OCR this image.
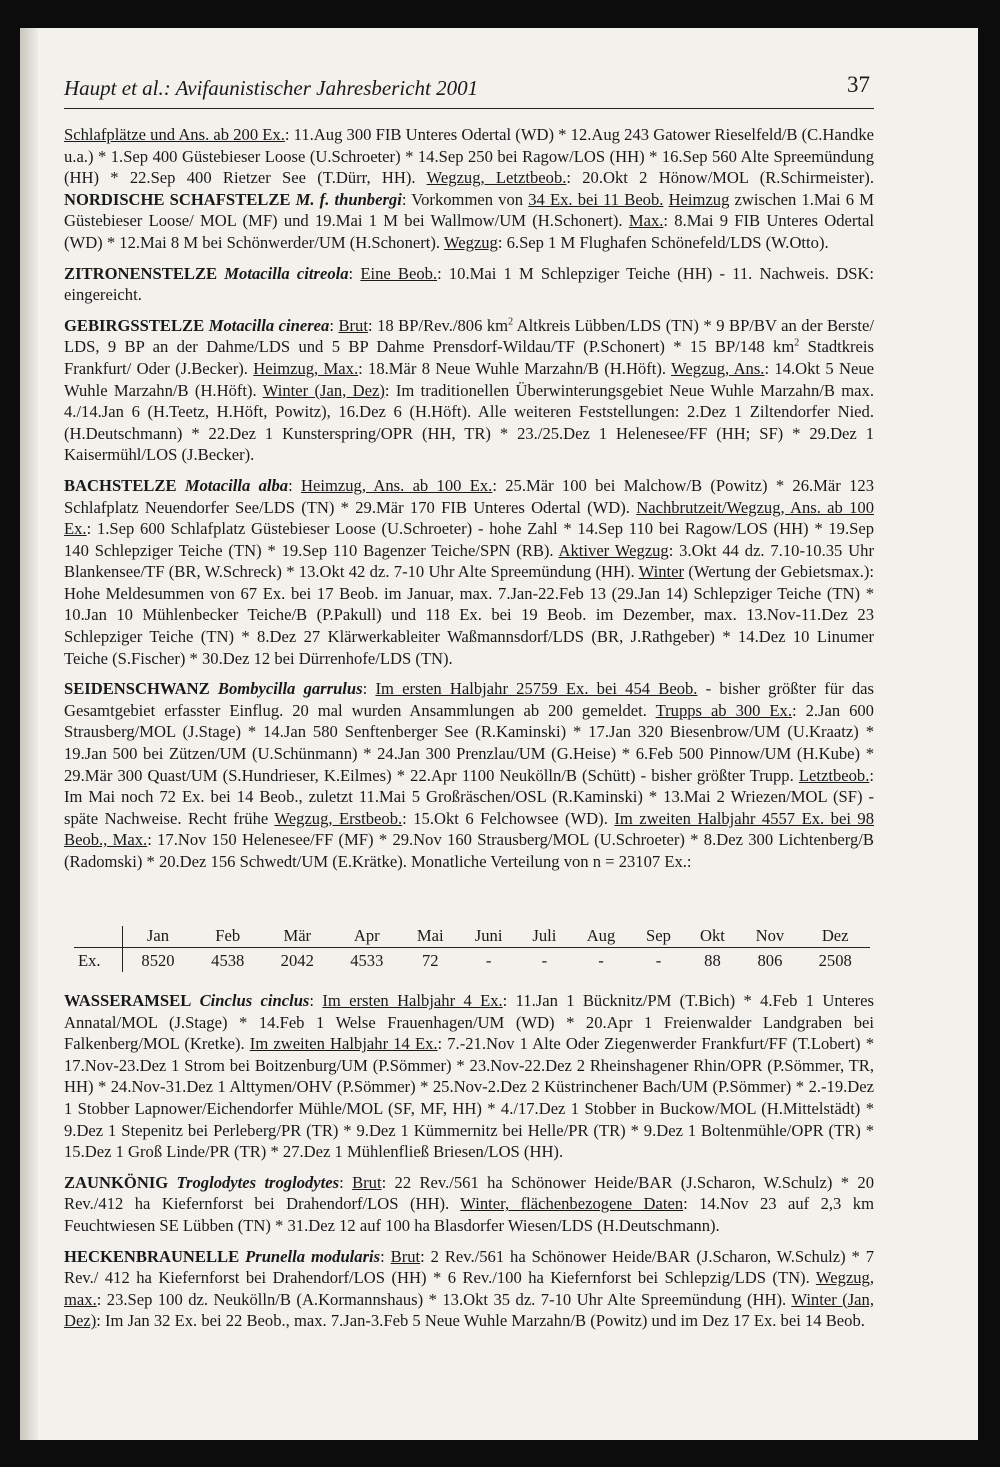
Haupt et al.: Avifaunistischer Jahresbericht 2001	37

Schlafplätze und Ans. ab 200 Ex.: 11.Aug 300 FIB Unteres Odertal (WD) * 12.Aug 243 Gatower Rieselfeld/B (C.Handke u.a.) * 1.Sep 400 Güstebieser Loose (U.Schroeter) * 14.Sep 250 bei Ragow/LOS (HH) * 16.Sep 560 Alte Spreemündung (HH) * 22.Sep 400 Rietzer See (T.Dürr, HH). Wegzug, Letztbeob.: 20.Okt 2 Hönow/MOL (R.Schirmeister). NORDISCHE SCHAFSTELZE M. f. thunbergi: Vorkommen von 34 Ex. bei 11 Beob. Heimzug zwischen 1.Mai 6 M Güstebieser Loose/ MOL (MF) und 19.Mai 1 M bei Wallmow/UM (H.Schonert). Max.: 8.Mai 9 FIB Unteres Odertal (WD) * 12.Mai 8 M bei Schönwerder/UM (H.Schonert). Wegzug: 6.Sep 1 M Flughafen Schönefeld/LDS (W.Otto).

ZITRONENSTELZE Motacilla citreola: Eine Beob.: 10.Mai 1 M Schlepziger Teiche (HH) - 11. Nachweis. DSK: eingereicht.

GEBIRGSSTELZE Motacilla cinerea: Brut: 18 BP/Rev./806 $km^2$ Altkreis Lübben/LDS (TN) * 9 BP/BV an der Berste/ LDS, 9 BP an der Dahme/LDS und 5 BP Dahme Prensdorf-Wildau/TF (P.Schonert) * 15 BP/148 $km^2$ Stadtkreis Frankfurt/ Oder (J.Becker). Heimzug, Max.: 18.Mär 8 Neue Wuhle Marzahn/B (H.Höft). Wegzug, Ans.: 14.Okt 5 Neue Wuhle Marzahn/B (H.Höft). Winter (Jan, Dez): Im traditionellen Überwinterungsgebiet Neue Wuhle Marzahn/B max. 4./14.Jan 6 (H.Teetz, H.Höft, Powitz), 16.Dez 6 (H.Höft). Alle weiteren Feststellungen: 2.Dez 1 Ziltendorfer Nied. (H.Deutschmann) * 22.Dez 1 Kunsterspring/OPR (HH, TR) * 23./25.Dez 1 Helenesee/FF (HH; SF) * 29.Dez 1 Kaisermühl/LOS (J.Becker).

BACHSTELZE Motacilla alba: Heimzug, Ans. ab 100 Ex.: 25.Mär 100 bei Malchow/B (Powitz) * 26.Mär 123 Schlafplatz Neuendorfer See/LDS (TN) * 29.Mär 170 FIB Unteres Odertal (WD). Nachbrutzeit/Wegzug, Ans. ab 100 Ex.: 1.Sep 600 Schlafplatz Güstebieser Loose (U.Schroeter) - hohe Zahl * 14.Sep 110 bei Ragow/LOS (HH) * 19.Sep 140 Schlepziger Teiche (TN) * 19.Sep 110 Bagenzer Teiche/SPN (RB). Aktiver Wegzug: 3.Okt 44 dz. 7.10-10.35 Uhr Blankensee/TF (BR, W.Schreck) * 13.Okt 42 dz. 7-10 Uhr Alte Spreemündung (HH). Winter (Wertung der Gebietsmax.): Hohe Meldesummen von 67 Ex. bei 17 Beob. im Januar, max. 7.Jan-22.Feb 13 (29.Jan 14) Schlepziger Teiche (TN) * 10.Jan 10 Mühlenbecker Teiche/B (P.Pakull) und 118 Ex. bei 19 Beob. im Dezember, max. 13.Nov-11.Dez 23 Schlepziger Teiche (TN) * 8.Dez 27 Klärwerkableiter Waßmannsdorf/LDS (BR, J.Rathgeber) * 14.Dez 10 Linumer Teiche (S.Fischer) * 30.Dez 12 bei Dürrenhofe/LDS (TN).

SEIDENSCHWANZ Bombycilla garrulus: Im ersten Halbjahr 25759 Ex. bei 454 Beob. - bisher größter für das Gesamtgebiet erfasster Einflug. 20 mal wurden Ansammlungen ab 200 gemeldet. Trupps ab 300 Ex.: 2.Jan 600 Strausberg/MOL (J.Stage) * 14.Jan 580 Senftenberger See (R.Kaminski) * 17.Jan 320 Biesenbrow/UM (U.Kraatz) * 19.Jan 500 bei Zützen/UM (U.Schünmann) * 24.Jan 300 Prenzlau/UM (G.Heise) * 6.Feb 500 Pinnow/UM (H.Kube) * 29.Mär 300 Quast/UM (S.Hundrieser, K.Eilmes) * 22.Apr 1100 Neukölln/B (Schütt) - bisher größter Trupp. Letztbeob.: Im Mai noch 72 Ex. bei 14 Beob., zuletzt 11.Mai 5 Großräschen/OSL (R.Kaminski) * 13.Mai 2 Wriezen/MOL (SF) - späte Nachweise. Recht frühe Wegzug, Erstbeob.: 15.Okt 6 Felchowsee (WD). Im zweiten Halbjahr 4557 Ex. bei 98 Beob., Max.: 17.Nov 150 Helenesee/FF (MF) * 29.Nov 160 Strausberg/MOL (U.Schroeter) * 8.Dez 300 Lichtenberg/B (Radomski) * 20.Dez 156 Schwedt/UM (E.Krätke). Monatliche Verteilung von n = 23107 Ex.:

	Jan	Feb	Mär	Apr	Mai	Juni	Juli	Aug	Sep	Okt	Nov	Dez
Ex.	8520	4538	2042	4533	72	-	-	-	-	88	806	2508

WASSERAMSEL Cinclus cinclus: Im ersten Halbjahr 4 Ex.: 11.Jan 1 Bücknitz/PM (T.Bich) * 4.Feb 1 Unteres Annatal/MOL (J.Stage) * 14.Feb 1 Welse Frauenhagen/UM (WD) * 20.Apr 1 Freienwalder Landgraben bei Falkenberg/MOL (Kretke). Im zweiten Halbjahr 14 Ex.: 7.-21.Nov 1 Alte Oder Ziegenwerder Frankfurt/FF (T.Lobert) * 17.Nov-23.Dez 1 Strom bei Boitzenburg/UM (P.Sömmer) * 23.Nov-22.Dez 2 Rheinshagener Rhin/OPR (P.Sömmer, TR, HH) * 24.Nov-31.Dez 1 Alttymen/OHV (P.Sömmer) * 25.Nov-2.Dez 2 Küstrinchener Bach/UM (P.Sömmer) * 2.-19.Dez 1 Stobber Lapnower/Eichendorfer Mühle/MOL (SF, MF, HH) * 4./17.Dez 1 Stobber in Buckow/MOL (H.Mittelstädt) * 9.Dez 1 Stepenitz bei Perleberg/PR (TR) * 9.Dez 1 Kümmernitz bei Helle/PR (TR) * 9.Dez 1 Boltenmühle/OPR (TR) * 15.Dez 1 Groß Linde/PR (TR) * 27.Dez 1 Mühlenfließ Briesen/LOS (HH).

ZAUNKÖNIG Troglodytes troglodytes: Brut: 22 Rev./561 ha Schönower Heide/BAR (J.Scharon, W.Schulz) * 20 Rev./412 ha Kiefernforst bei Drahendorf/LOS (HH). Winter, flächenbezogene Daten: 14.Nov 23 auf 2,3 km Feuchtwiesen SE Lübben (TN) * 31.Dez 12 auf 100 ha Blasdorfer Wiesen/LDS (H.Deutschmann).

HECKENBRAUNELLE Prunella modularis: Brut: 2 Rev./561 ha Schönower Heide/BAR (J.Scharon, W.Schulz) * 7 Rev./ 412 ha Kiefernforst bei Drahendorf/LOS (HH) * 6 Rev./100 ha Kiefernforst bei Schlepzig/LDS (TN). Wegzug, max.: 23.Sep 100 dz. Neukölln/B (A.Kormannshaus) * 13.Okt 35 dz. 7-10 Uhr Alte Spreemündung (HH). Winter (Jan, Dez): Im Jan 32 Ex. bei 22 Beob., max. 7.Jan-3.Feb 5 Neue Wuhle Marzahn/B (Powitz) und im Dez 17 Ex. bei 14 Beob.
